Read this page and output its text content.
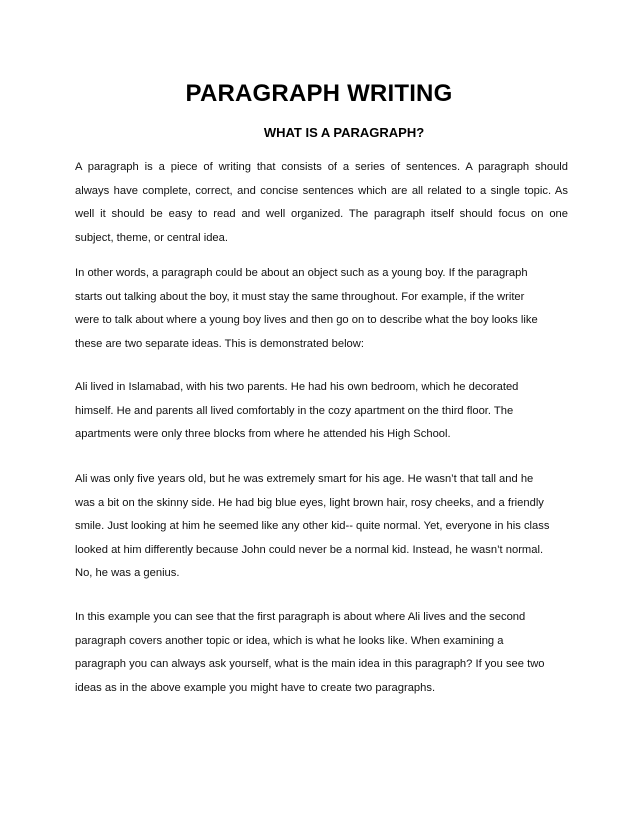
PARAGRAPH WRITING
WHAT IS A PARAGRAPH?

A paragraph is a piece of writing that consists of a series of sentences. A paragraph should
always have complete, correct, and concise sentences which are all related to a single topic. As
well it should be easy to read and well organized. The paragraph itself should focus on one
subject, theme, or central idea.

In other words, a paragraph could be about an object such as a young boy. If the paragraph
starts out talking about the boy, it must stay the same throughout. For example, if the writer
were to talk about where a young boy lives and then go on to describe what the boy looks like
these are two separate ideas. This is demonstrated below:

Ali lived in Islamabad, with his two parents. He had his own bedroom, which he decorated
himself. He and parents all lived comfortably in the cozy apartment on the third floor. The
apartments were only three blocks from where he attended his High School.

Ali was only five years old, but he was extremely smart for his age. He wasn’t that tall and he
was a bit on the skinny side. He had big blue eyes, light brown hair, rosy cheeks, and a friendly
smile. Just looking at him he seemed like any other kid-- quite normal. Yet, everyone in his class
looked at him differently because John could never be a normal kid. Instead, he wasn’t normal.
No, he was a genius.

In this example you can see that the first paragraph is about where Ali lives and the second
paragraph covers another topic or idea, which is what he looks like. When examining a
paragraph you can always ask yourself, what is the main idea in this paragraph? If you see two
ideas as in the above example you might have to create two paragraphs.
